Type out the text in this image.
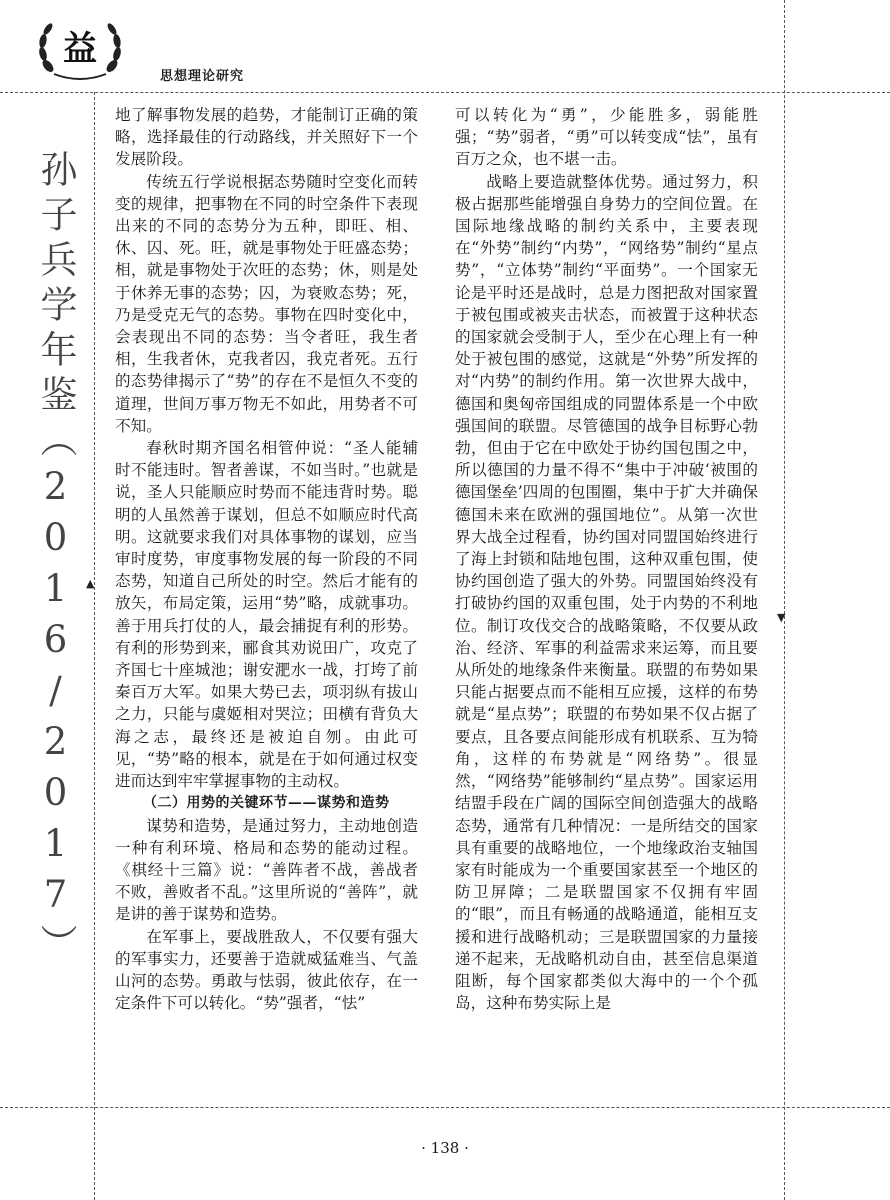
益
思想理论研究
孙子兵学年鉴（2016/2017） ▲
▼

地了解事物发展的趋势，才能制订正确的策略，选择最佳的行动路线，并关照好下一个发展阶段。

传统五行学说根据态势随时空变化而转变的规律，把事物在不同的时空条件下表现出来的不同的态势分为五种，即旺、相、休、囚、死。旺，就是事物处于旺盛态势；相，就是事物处于次旺的态势；休，则是处于休养无事的态势；囚，为衰败态势；死，乃是受克无气的态势。事物在四时变化中，会表现出不同的态势：当令者旺，我生者相，生我者休，克我者囚，我克者死。五行的态势律揭示了“势”的存在不是恒久不变的道理，世间万事万物无不如此，用势者不可不知。

春秋时期齐国名相管仲说：“圣人能辅时不能违时。智者善谋，不如当时。”也就是说，圣人只能顺应时势而不能违背时势。聪明的人虽然善于谋划，但总不如顺应时代高明。这就要求我们对具体事物的谋划，应当审时度势，审度事物发展的每一阶段的不同态势，知道自己所处的时空。然后才能有的放矢，布局定策，运用“势”略，成就事功。善于用兵打仗的人，最会捕捉有利的形势。有利的形势到来，郦食其劝说田广，攻克了齐国七十座城池；谢安淝水一战，打垮了前秦百万大军。如果大势已去，项羽纵有拔山之力，只能与虞姬相对哭泣；田横有背负大海之志，最终还是被迫自刎。由此可见，“势”略的根本，就是在于如何通过权变进而达到牢牢掌握事物的主动权。

（二）用势的关键环节——谋势和造势

谋势和造势，是通过努力，主动地创造一种有利环境、格局和态势的能动过程。《棋经十三篇》说：“善阵者不战，善战者不败，善败者不乱。”这里所说的“善阵”，就是讲的善于谋势和造势。

在军事上，要战胜敌人，不仅要有强大的军事实力，还要善于造就威猛难当、气盖山河的态势。勇敢与怯弱，彼此依存，在一定条件下可以转化。“势”强者，“怯”

可以转化为“勇”，少能胜多，弱能胜强；“势”弱者，“勇”可以转变成“怯”，虽有百万之众，也不堪一击。

战略上要造就整体优势。通过努力，积极占据那些能增强自身势力的空间位置。在国际地缘战略的制约关系中，主要表现在“外势”制约“内势”，“网络势”制约“星点势”，“立体势”制约“平面势”。一个国家无论是平时还是战时，总是力图把敌对国家置于被包围或被夹击状态，而被置于这种状态的国家就会受制于人，至少在心理上有一种处于被包围的感觉，这就是“外势”所发挥的对“内势”的制约作用。第一次世界大战中，德国和奥匈帝国组成的同盟体系是一个中欧强国间的联盟。尽管德国的战争目标野心勃勃，但由于它在中欧处于协约国包围之中，所以德国的力量不得不“集中于冲破‘被围的德国堡垒’四周的包围圈，集中于扩大并确保德国未来在欧洲的强国地位”。从第一次世界大战全过程看，协约国对同盟国始终进行了海上封锁和陆地包围，这种双重包围，使协约国创造了强大的外势。同盟国始终没有打破协约国的双重包围，处于内势的不利地位。制订攻伐交合的战略策略，不仅要从政治、经济、军事的利益需求来运筹，而且要从所处的地缘条件来衡量。联盟的布势如果只能占据要点而不能相互应援，这样的布势就是“星点势”；联盟的布势如果不仅占据了要点，且各要点间能形成有机联系、互为犄角，这样的布势就是“网络势”。很显然，“网络势”能够制约“星点势”。国家运用结盟手段在广阔的国际空间创造强大的战略态势，通常有几种情况：一是所结交的国家具有重要的战略地位，一个地缘政治支轴国家有时能成为一个重要国家甚至一个地区的防卫屏障；二是联盟国家不仅拥有牢固的“眼”，而且有畅通的战略通道，能相互支援和进行战略机动；三是联盟国家的力量接递不起来，无战略机动自由，甚至信息渠道阻断，每个国家都类似大海中的一个个孤岛，这种布势实际上是

· 138 ·
